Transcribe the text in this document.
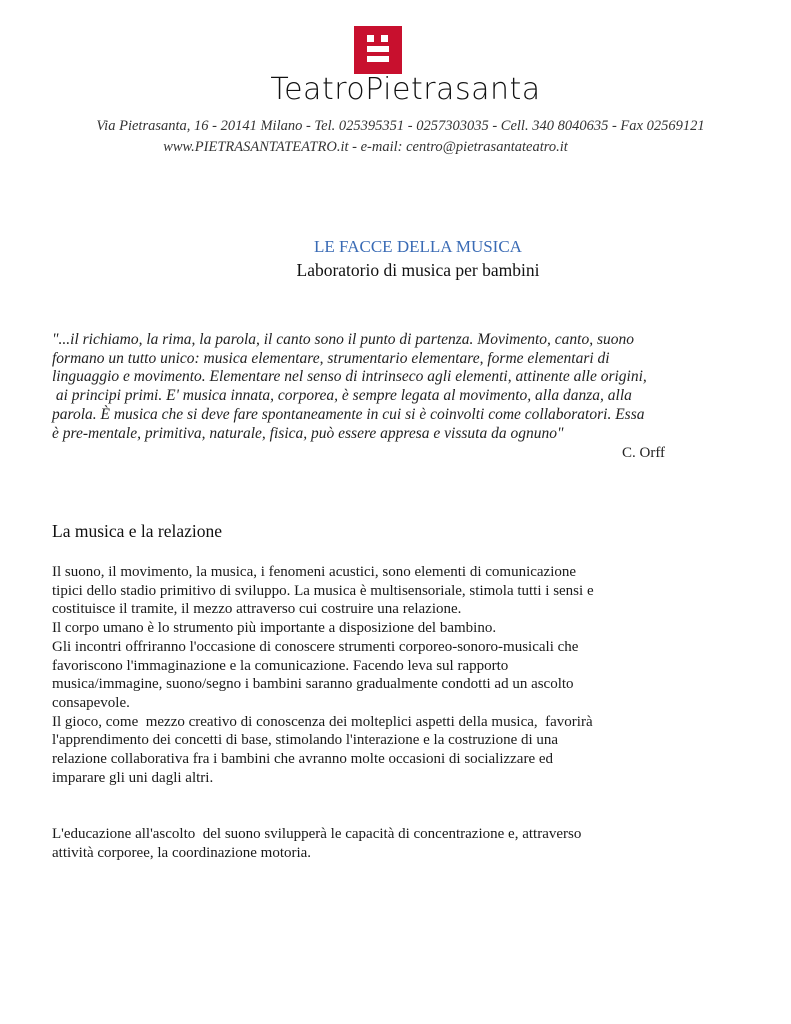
TeatroPietrasanta
Via Pietrasanta, 16 - 20141 Milano - Tel. 025395351 - 0257303035 - Cell. 340 8040635 - Fax 02569121
www.PIETRASANTATEATRO.it - e-mail: centro@pietrasantateatro.it

LE FACCE DELLA MUSICA

Laboratorio di musica per bambini

"...il richiamo, la rima, la parola, il canto sono il punto di partenza. Movimento, canto, suono
formano un tutto unico: musica elementare, strumentario elementare, forme elementari di
linguaggio e movimento. Elementare nel senso di intrinseco agli elementi, attinente alle origini,
ai principi primi. E' musica innata, corporea, è sempre legata al movimento, alla danza, alla
parola. È musica che si deve fare spontaneamente in cui si è coinvolti come collaboratori. Essa
è pre-mentale, primitiva, naturale, fisica, può essere appresa e vissuta da ognuno"

C. Orff
La musica e la relazione

Il suono, il movimento, la musica, i fenomeni acustici, sono elementi di comunicazione
tipici dello stadio primitivo di sviluppo. La musica è multisensoriale, stimola tutti i sensi e
costituisce il tramite, il mezzo attraverso cui costruire una relazione.
Il corpo umano è lo strumento più importante a disposizione del bambino.
Gli incontri offriranno l'occasione di conoscere strumenti corporeo-sonoro-musicali che
favoriscono l'immaginazione e la comunicazione. Facendo leva sul rapporto
musica/immagine, suono/segno i bambini saranno gradualmente condotti ad un ascolto
consapevole.
Il gioco, come  mezzo creativo di conoscenza dei molteplici aspetti della musica,  favorirà
l'apprendimento dei concetti di base, stimolando l'interazione e la costruzione di una
relazione collaborativa fra i bambini che avranno molte occasioni di socializzare ed
imparare gli uni dagli altri.

L'educazione all'ascolto  del suono svilupperà le capacità di concentrazione e, attraverso
attività corporee, la coordinazione motoria.
